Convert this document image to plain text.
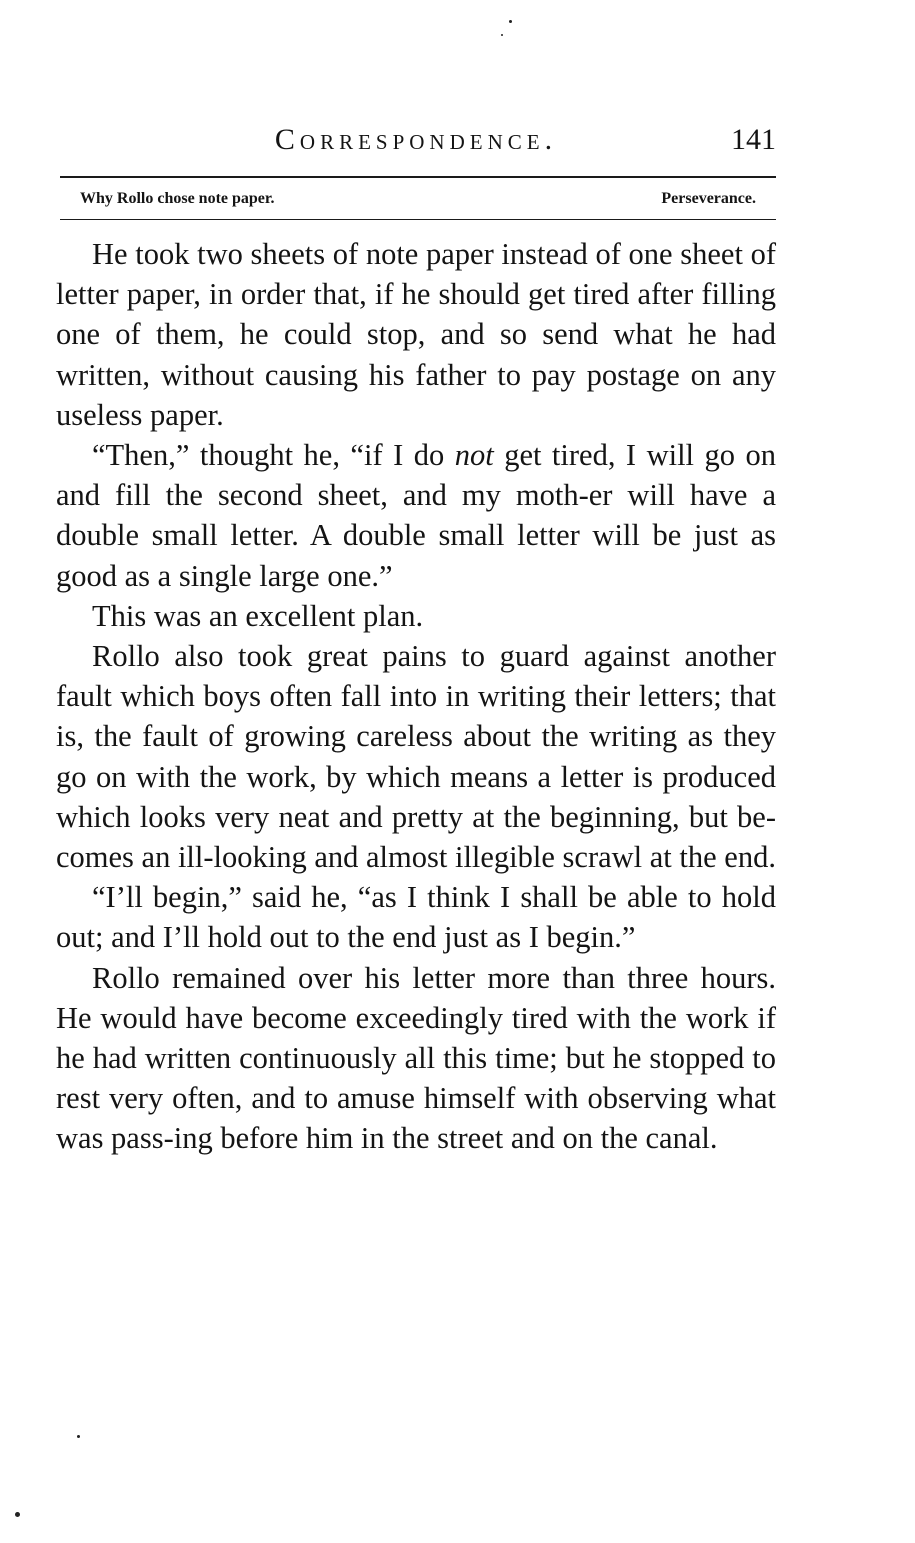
Correspondence.	141
Why Rollo chose note paper.	Perseverance.

He took two sheets of note paper instead of one sheet of letter paper, in order that, if he should get tired after filling one of them, he could stop, and so send what he had written, without causing his father to pay postage on any useless paper.

“Then,” thought he, “if I do not get tired, I will go on and fill the second sheet, and my moth-er will have a double small letter. A double small letter will be just as good as a single large one.”

This was an excellent plan.

Rollo also took great pains to guard against another fault which boys often fall into in writing their letters; that is, the fault of growing careless about the writing as they go on with the work, by which means a letter is produced which looks very neat and pretty at the beginning, but be-comes an ill-looking and almost illegible scrawl at the end.

“I’ll begin,” said he, “as I think I shall be able to hold out; and I’ll hold out to the end just as I begin.”

Rollo remained over his letter more than three hours. He would have become exceedingly tired with the work if he had written continuously all this time; but he stopped to rest very often, and to amuse himself with observing what was pass-ing before him in the street and on the canal.
